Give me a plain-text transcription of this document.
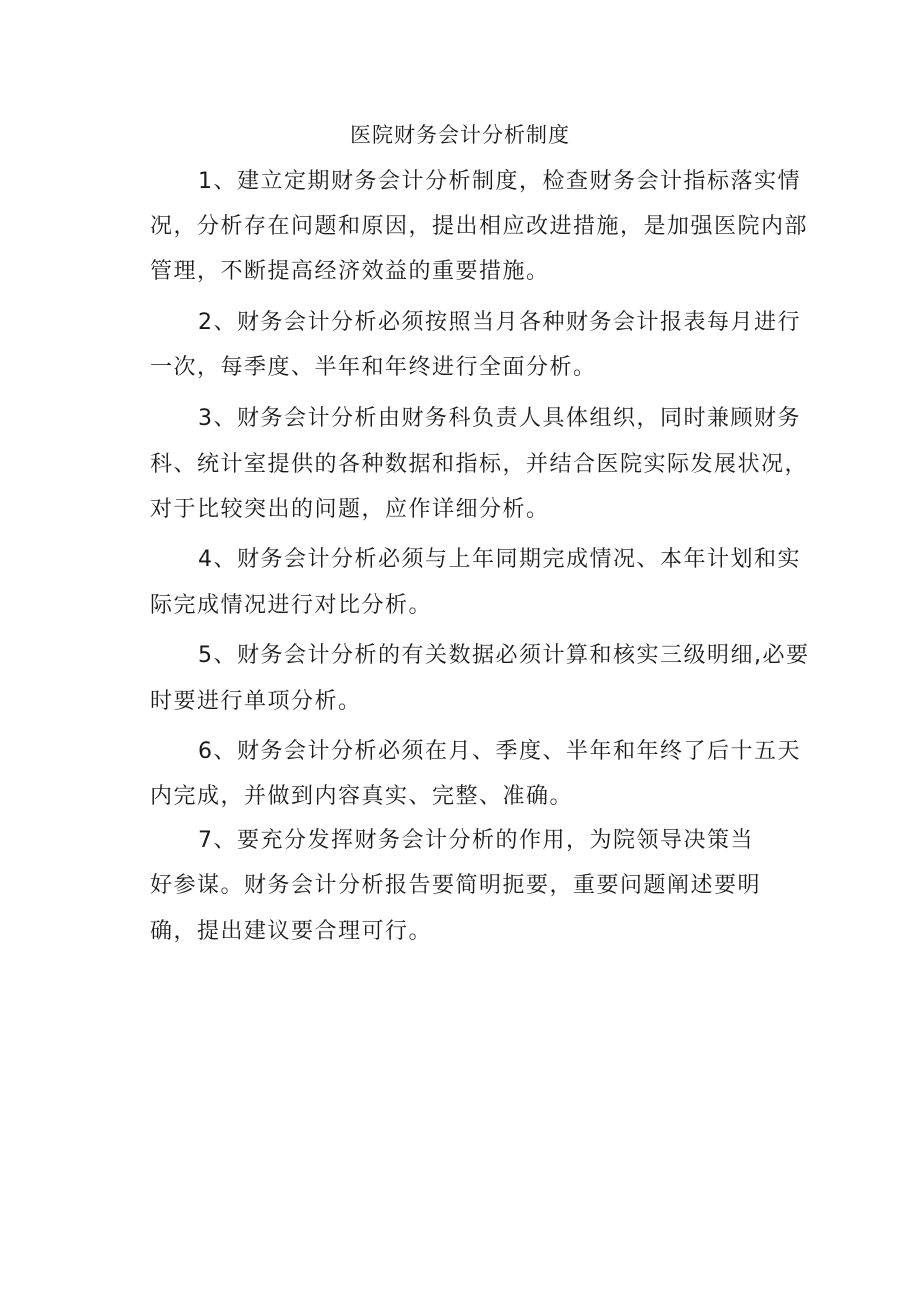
医院财务会计分析制度
1、建立定期财务会计分析制度，检查财务会计指标落实情
况，分析存在问题和原因，提出相应改进措施，是加强医院内部
管理，不断提高经济效益的重要措施。
2、财务会计分析必须按照当月各种财务会计报表每月进行
一次，每季度、半年和年终进行全面分析。
3、财务会计分析由财务科负责人具体组织，同时兼顾财务
科、统计室提供的各种数据和指标，并结合医院实际发展状况，
对于比较突出的问题，应作详细分析。
4、财务会计分析必须与上年同期完成情况、本年计划和实
际完成情况进行对比分析。
5、财务会计分析的有关数据必须计算和核实三级明细,必要
时要进行单项分析。
6、财务会计分析必须在月、季度、半年和年终了后十五天
内完成，并做到内容真实、完整、准确。
7、要充分发挥财务会计分析的作用，为院领导决策当
好参谋。财务会计分析报告要简明扼要，重要问题阐述要明
确，提出建议要合理可行。
